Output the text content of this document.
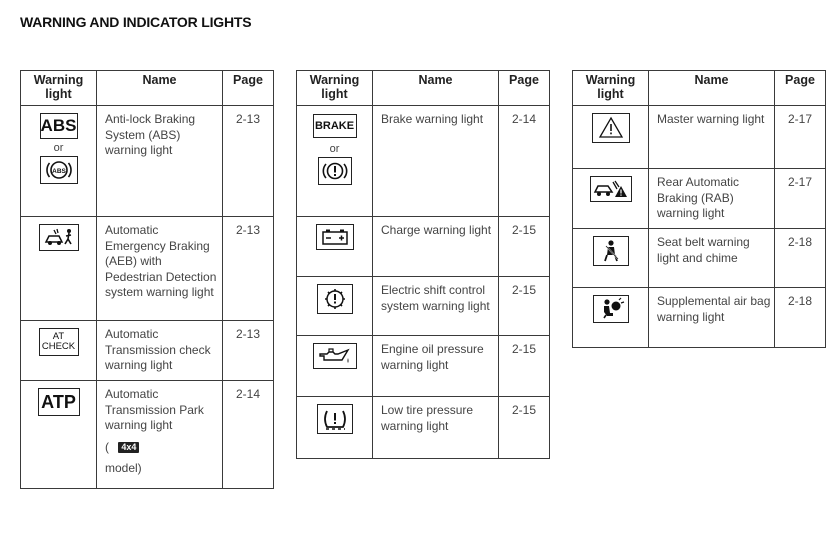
WARNING AND INDICATOR LIGHTS
Warning light	Name	Page
ABS
or
ABS	Anti-lock Braking System (ABS) warning light	2-13

	Automatic Emergency Braking (AEB) with Pedestrian Detection system warning light	2-13
AT CHECK	Automatic Transmission check warning light	2-13
ATP	Automatic Transmission Park warning light
( 4x4
model)	2-14
Warning light	Name	Page
BRAKE
or	Brake warning light	2-14

	Charge warning light	2-15

	Electric shift control system warning light	2-15

	Engine oil pressure warning light	2-15

	Low tire pressure warning light	2-15
Warning light	Name	Page

	Master warning light	2-17

	Rear Automatic Braking (RAB) warning light	2-17

	Seat belt warning light and chime	2-18

	Supplemental air bag warning light	2-18
